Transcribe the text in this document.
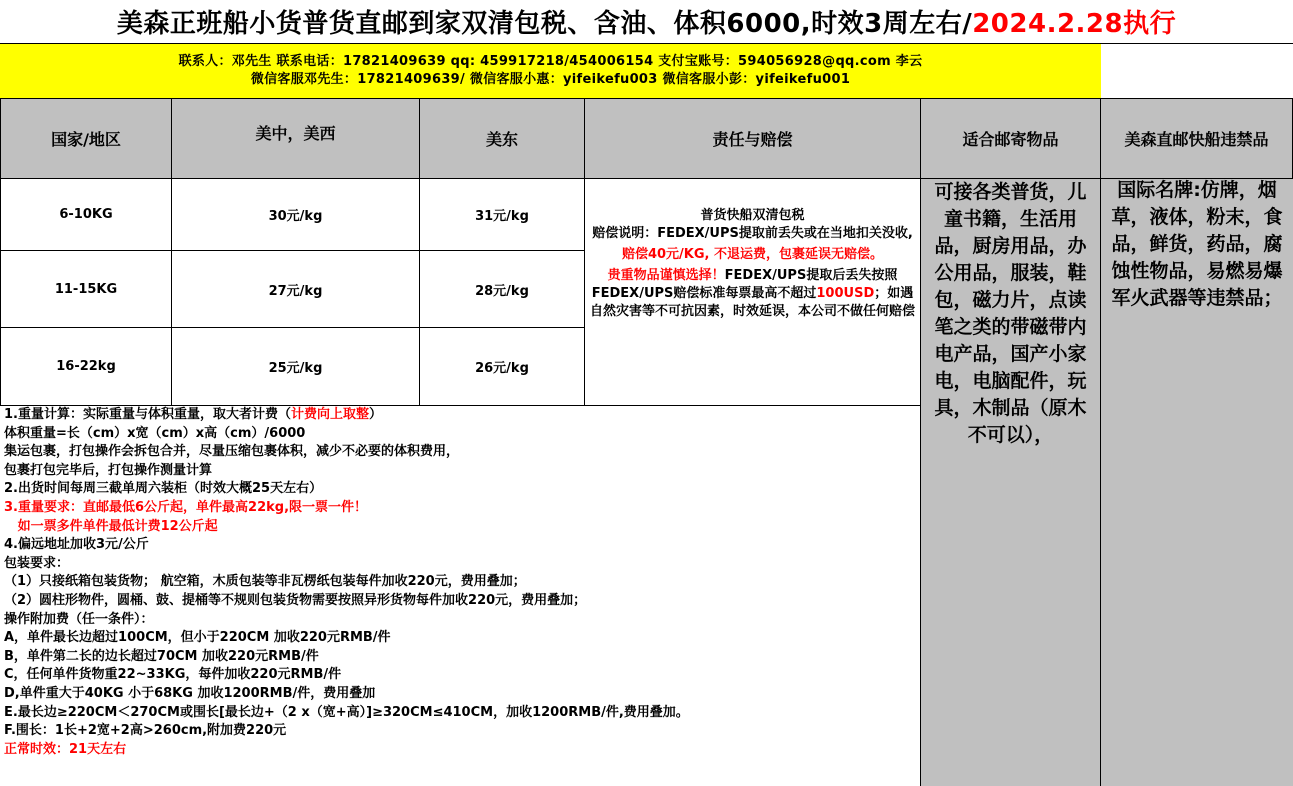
美森正班船小货普货直邮到家双清包税、含油、体积6000,时效3周左右/ 2024.2.28执行
联系人：邓先生 联系电话：17821409639 qq: 459917218/454006154 支付宝账号：594056928@qq.com 李云
微信客服邓先生：17821409639/ 微信客服小惠：yifeikefu003 微信客服小彭：yifeikefu001
国家/地区	美中，美西	美东	责任与赔偿	适合邮寄物品	美森直邮快船违禁品
6-10KG	30元/kg	31元/kg
11-15KG	27元/kg	28元/kg
16-22kg	25元/kg	26元/kg
普货快船双清包税
赔偿说明：FEDEX/UPS提取前丢失或在当地扣关没收,
赔偿40元/KG, 不退运费，包裹延误无赔偿。
贵重物品谨慎选择！FEDEX/UPS提取后丢失按照FEDEX/UPS赔偿标准每票最高不超过100USD；如遇自然灾害等不可抗因素，时效延误，本公司不做任何赔偿
可接各类普货，儿童书籍，生活用品，厨房用品，办公用品，服装，鞋包，磁力片，点读笔之类的带磁带内电产品，国产小家电，电脑配件，玩具，木制品（原木不可以），
国际名牌:仿牌，烟草，液体，粉末，食品，鲜货，药品，腐蚀性物品，易燃易爆军火武器等违禁品；
1.重量计算：实际重量与体积重量，取大者计费（计费向上取整）
体积重量=长（cm）x宽（cm）x高（cm）/6000
集运包裹，打包操作会拆包合并，尽量压缩包裹体积，减少不必要的体积费用，
包裹打包完毕后，打包操作测量计算
2.出货时间每周三截单周六装柜（时效大概25天左右）
3.重量要求：直邮最低6公斤起，单件最高22kg,限一票一件！
如一票多件单件最低计费12公斤起
4.偏远地址加收3元/公斤
包装要求：
（1）只接纸箱包装货物； 航空箱，木质包装等非瓦楞纸包装每件加收220元，费用叠加；
（2）圆柱形物件，圆桶、鼓、提桶等不规则包装货物需要按照异形货物每件加收220元，费用叠加；
操作附加费（任一条件）：
A，单件最长边超过100CM，但小于220CM 加收220元RMB/件
B，单件第二长的边长超过70CM 加收220元RMB/件
C，任何单件货物重22~33KG，每件加收220元RMB/件
D,单件重大于40KG 小于68KG 加收1200RMB/件，费用叠加
E.最长边≥220CM＜270CM或围长[最长边+（2 x（宽+高）]≥320CM≤410CM，加收1200RMB/件,费用叠加。
F.围长：1长+2宽+2高>260cm,附加费220元
正常时效：21天左右
